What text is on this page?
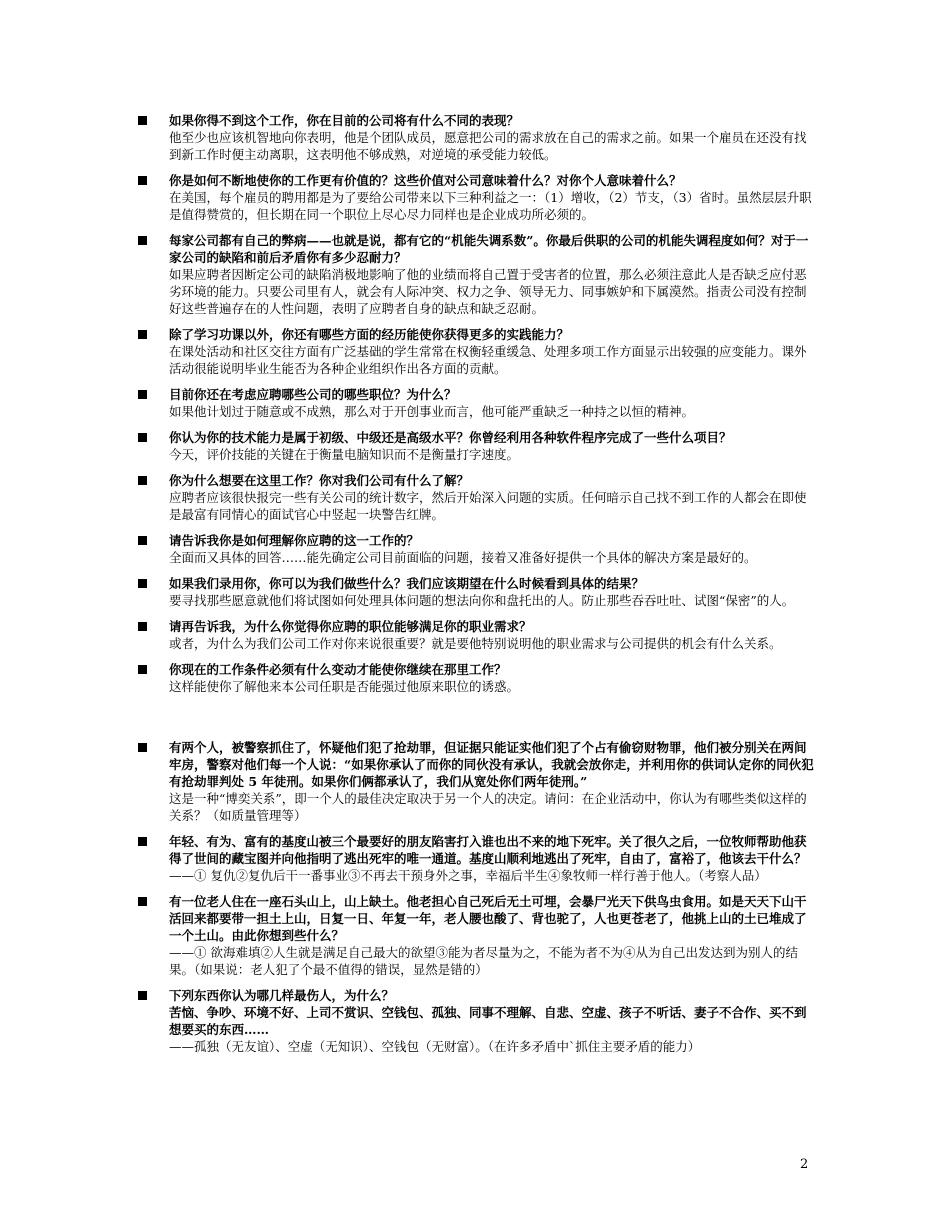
如果你得不到这个工作，你在目前的公司将有什么不同的表现？
他至少也应该机智地向你表明，他是个团队成员，愿意把公司的需求放在自己的需求之前。如果一个雇员在还没有找到新工作时便主动离职，这表明他不够成熟，对逆境的承受能力较低。
你是如何不断地使你的工作更有价值的？这些价值对公司意味着什么？对你个人意味着什么？
在美国，每个雇员的聘用都是为了要给公司带来以下三种利益之一：（1）增收，（2）节支，（3）省时。虽然层层升职是值得赞赏的，但长期在同一个职位上尽心尽力同样也是企业成功所必须的。
每家公司都有自己的弊病——也就是说，都有它的“机能失调系数”。你最后供职的公司的机能失调程度如何？对于一家公司的缺陷和前后矛盾你有多少忍耐力？
如果应聘者因断定公司的缺陷消极地影响了他的业绩而将自己置于受害者的位置，那么必须注意此人是否缺乏应付恶劣环境的能力。只要公司里有人，就会有人际冲突、权力之争、领导无力、同事嫉妒和下属漠然。指责公司没有控制好这些普遍存在的人性问题，表明了应聘者自身的缺点和缺乏忍耐。
除了学习功课以外，你还有哪些方面的经历能使你获得更多的实践能力？
在课处活动和社区交往方面有广泛基础的学生常常在权衡轻重缓急、处理多项工作方面显示出较强的应变能力。课外活动很能说明毕业生能否为各种企业组织作出各方面的贡献。
目前你还在考虑应聘哪些公司的哪些职位？为什么？
如果他计划过于随意或不成熟，那么对于开创事业而言，他可能严重缺乏一种持之以恒的精神。
你认为你的技术能力是属于初级、中级还是高级水平？你曾经利用各种软件程序完成了一些什么项目？
今天，评价技能的关键在于衡量电脑知识而不是衡量打字速度。
你为什么想要在这里工作？你对我们公司有什么了解？
应聘者应该很快报完一些有关公司的统计数字，然后开始深入问题的实质。任何暗示自己找不到工作的人都会在即使是最富有同情心的面试官心中竖起一块警告红牌。
请告诉我你是如何理解你应聘的这一工作的？
全面而又具体的回答……能先确定公司目前面临的问题，接着又准备好提供一个具体的解决方案是最好的。
如果我们录用你，你可以为我们做些什么？我们应该期望在什么时候看到具体的结果？
要寻找那些愿意就他们将试图如何处理具体问题的想法向你和盘托出的人。防止那些吞吞吐吐、试图“保密”的人。
请再告诉我，为什么你觉得你应聘的职位能够满足你的职业需求？
或者，为什么为我们公司工作对你来说很重要？就是要他特别说明他的职业需求与公司提供的机会有什么关系。
你现在的工作条件必须有什么变动才能使你继续在那里工作？
这样能使你了解他来本公司任职是否能强过他原来职位的诱惑。
有两个人，被警察抓住了，怀疑他们犯了抢劫罪，但证据只能证实他们犯了个占有偷窃财物罪，他们被分别关在两间牢房，警察对他们每一个人说：“如果你承认了而你的同伙没有承认，我就会放你走，并利用你的供词认定你的同伙犯有抢劫罪判处 5 年徒刑。如果你们俩都承认了，我们从宽处你们两年徒刑。”
这是一种“博奕关系”，即一个人的最佳决定取决于另一个人的决定。请问：在企业活动中，你认为有哪些类似这样的关系？（如质量管理等）
年轻、有为、富有的基度山被三个最要好的朋友陷害打入谁也出不来的地下死牢。关了很久之后，一位牧师帮助他获得了世间的藏宝图并向他指明了逃出死牢的唯一通道。基度山顺利地逃出了死牢，自由了，富裕了，他该去干什么？
——① 复仇②复仇后干一番事业③不再去干预身外之事，幸福后半生④象牧师一样行善于他人。（考察人品）
有一位老人住在一座石头山上，山上缺土。他老担心自己死后无土可埋，会暴尸光天下供鸟虫食用。如是天天下山干活回来都要带一担土上山，日复一日、年复一年，老人腰也酸了、背也驼了，人也更苍老了，他挑上山的土已堆成了一个土山。由此你想到些什么？
——① 欲海难填②人生就是满足自己最大的欲望③能为者尽量为之，不能为者不为④从为自己出发达到为别人的结果。（如果说：老人犯了个最不值得的错误，显然是错的）
下列东西你认为哪几样最伤人，为什么？
苦恼、争吵、环境不好、上司不赏识、空钱包、孤独、同事不理解、自悲、空虚、孩子不听话、妻子不合作、买不到想要买的东西……
——孤独（无友谊）、空虚（无知识）、空钱包（无财富）。（在许多矛盾中`抓住主要矛盾的能力）
2
